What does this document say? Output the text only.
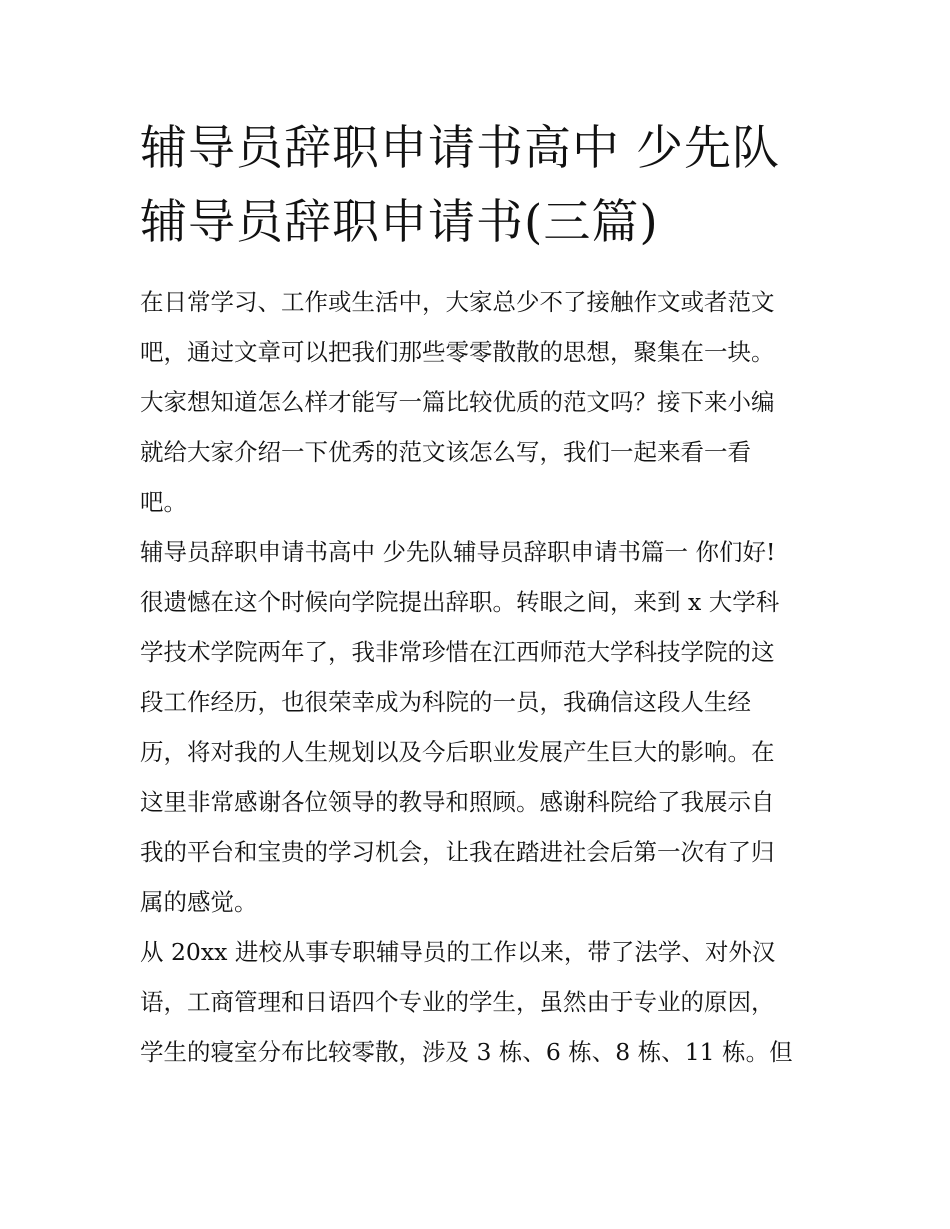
辅导员辞职申请书高中 少先队
辅导员辞职申请书(三篇)
在日常学习、工作或生活中，大家总少不了接触作文或者范文
吧，通过文章可以把我们那些零零散散的思想，聚集在一块。
大家想知道怎么样才能写一篇比较优质的范文吗？接下来小编
就给大家介绍一下优秀的范文该怎么写，我们一起来看一看
吧。
辅导员辞职申请书高中 少先队辅导员辞职申请书篇一 你们好!
很遗憾在这个时候向学院提出辞职。转眼之间，来到 x 大学科
学技术学院两年了，我非常珍惜在江西师范大学科技学院的这
段工作经历，也很荣幸成为科院的一员，我确信这段人生经
历，将对我的人生规划以及今后职业发展产生巨大的影响。在
这里非常感谢各位领导的教导和照顾。感谢科院给了我展示自
我的平台和宝贵的学习机会，让我在踏进社会后第一次有了归
属的感觉。
从 20xx 进校从事专职辅导员的工作以来，带了法学、对外汉
语，工商管理和日语四个专业的学生，虽然由于专业的原因，
学生的寝室分布比较零散，涉及 3 栋、6 栋、8 栋、11 栋。但
